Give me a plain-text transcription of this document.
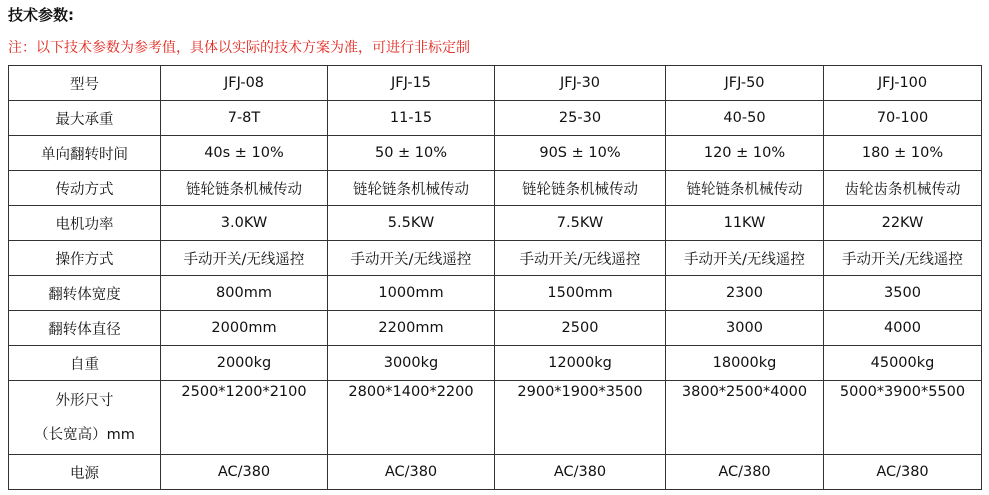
技术参数:
注：以下技术参数为参考值，具体以实际的技术方案为准，可进行非标定制
型号	JFJ-08	JFJ-15	JFJ-30	JFJ-50	JFJ-100
最大承重	7-8T	11-15	25-30	40-50	70-100
单向翻转时间	40s ± 10%	50 ± 10%	90S ± 10%	120 ± 10%	180 ± 10%
传动方式	链轮链条机械传动	链轮链条机械传动	链轮链条机械传动	链轮链条机械传动	齿轮齿条机械传动
电机功率	3.0KW	5.5KW	7.5KW	11KW	22KW
操作方式	手动开关/无线遥控	手动开关/无线遥控	手动开关/无线遥控	手动开关/无线遥控	手动开关/无线遥控
翻转体宽度	800mm	1000mm	1500mm	2300	3500
翻转体直径	2000mm	2200mm	2500	3000	4000
自重	2000kg	3000kg	12000kg	18000kg	45000kg

外形尺寸
（长宽高）mm	2500*1200*2100	2800*1400*2200	2900*1900*3500	3800*2500*4000	5000*3900*5500
电源	AC/380	AC/380	AC/380	AC/380	AC/380
